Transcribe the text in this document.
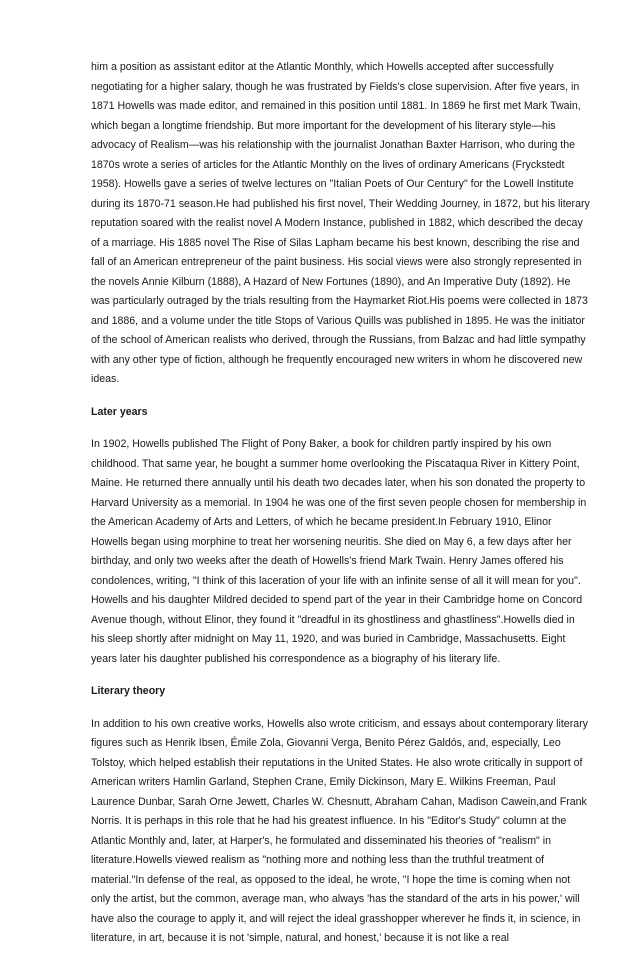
him a position as assistant editor at the Atlantic Monthly, which Howells accepted after successfully negotiating for a higher salary, though he was frustrated by Fields's close supervision. After five years, in 1871 Howells was made editor, and remained in this position until 1881. In 1869 he first met Mark Twain, which began a longtime friendship. But more important for the development of his literary style—his advocacy of Realism—was his relationship with the journalist Jonathan Baxter Harrison, who during the 1870s wrote a series of articles for the Atlantic Monthly on the lives of ordinary Americans (Fryckstedt 1958). Howells gave a series of twelve lectures on "Italian Poets of Our Century" for the Lowell Institute during its 1870-71 season.He had published his first novel, Their Wedding Journey, in 1872, but his literary reputation soared with the realist novel A Modern Instance, published in 1882, which described the decay of a marriage. His 1885 novel The Rise of Silas Lapham became his best known, describing the rise and fall of an American entrepreneur of the paint business. His social views were also strongly represented in the novels Annie Kilburn (1888), A Hazard of New Fortunes (1890), and An Imperative Duty (1892). He was particularly outraged by the trials resulting from the Haymarket Riot.His poems were collected in 1873 and 1886, and a volume under the title Stops of Various Quills was published in 1895. He was the initiator of the school of American realists who derived, through the Russians, from Balzac and had little sympathy with any other type of fiction, although he frequently encouraged new writers in whom he discovered new ideas.

Later years

In 1902, Howells published The Flight of Pony Baker, a book for children partly inspired by his own childhood. That same year, he bought a summer home overlooking the Piscataqua River in Kittery Point, Maine. He returned there annually until his death two decades later, when his son donated the property to Harvard University as a memorial. In 1904 he was one of the first seven people chosen for membership in the American Academy of Arts and Letters, of which he became president.In February 1910, Elinor Howells began using morphine to treat her worsening neuritis. She died on May 6, a few days after her birthday, and only two weeks after the death of Howells's friend Mark Twain. Henry James offered his condolences, writing, "I think of this laceration of your life with an infinite sense of all it will mean for you". Howells and his daughter Mildred decided to spend part of the year in their Cambridge home on Concord Avenue though, without Elinor, they found it "dreadful in its ghostliness and ghastliness".Howells died in his sleep shortly after midnight on May 11, 1920, and was buried in Cambridge, Massachusetts. Eight years later his daughter published his correspondence as a biography of his literary life.

Literary theory

In addition to his own creative works, Howells also wrote criticism, and essays about contemporary literary figures such as Henrik Ibsen, Émile Zola, Giovanni Verga, Benito Pérez Galdós, and, especially, Leo Tolstoy, which helped establish their reputations in the United States. He also wrote critically in support of American writers Hamlin Garland, Stephen Crane, Emily Dickinson, Mary E. Wilkins Freeman, Paul Laurence Dunbar, Sarah Orne Jewett, Charles W. Chesnutt, Abraham Cahan, Madison Cawein,and Frank Norris. It is perhaps in this role that he had his greatest influence. In his "Editor's Study" column at the Atlantic Monthly and, later, at Harper's, he formulated and disseminated his theories of "realism" in literature.Howells viewed realism as "nothing more and nothing less than the truthful treatment of material."In defense of the real, as opposed to the ideal, he wrote, "I hope the time is coming when not only the artist, but the common, average man, who always 'has the standard of the arts in his power,' will have also the courage to apply it, and will reject the ideal grasshopper wherever he finds it, in science, in literature, in art, because it is not 'simple, natural, and honest,' because it is not like a real
